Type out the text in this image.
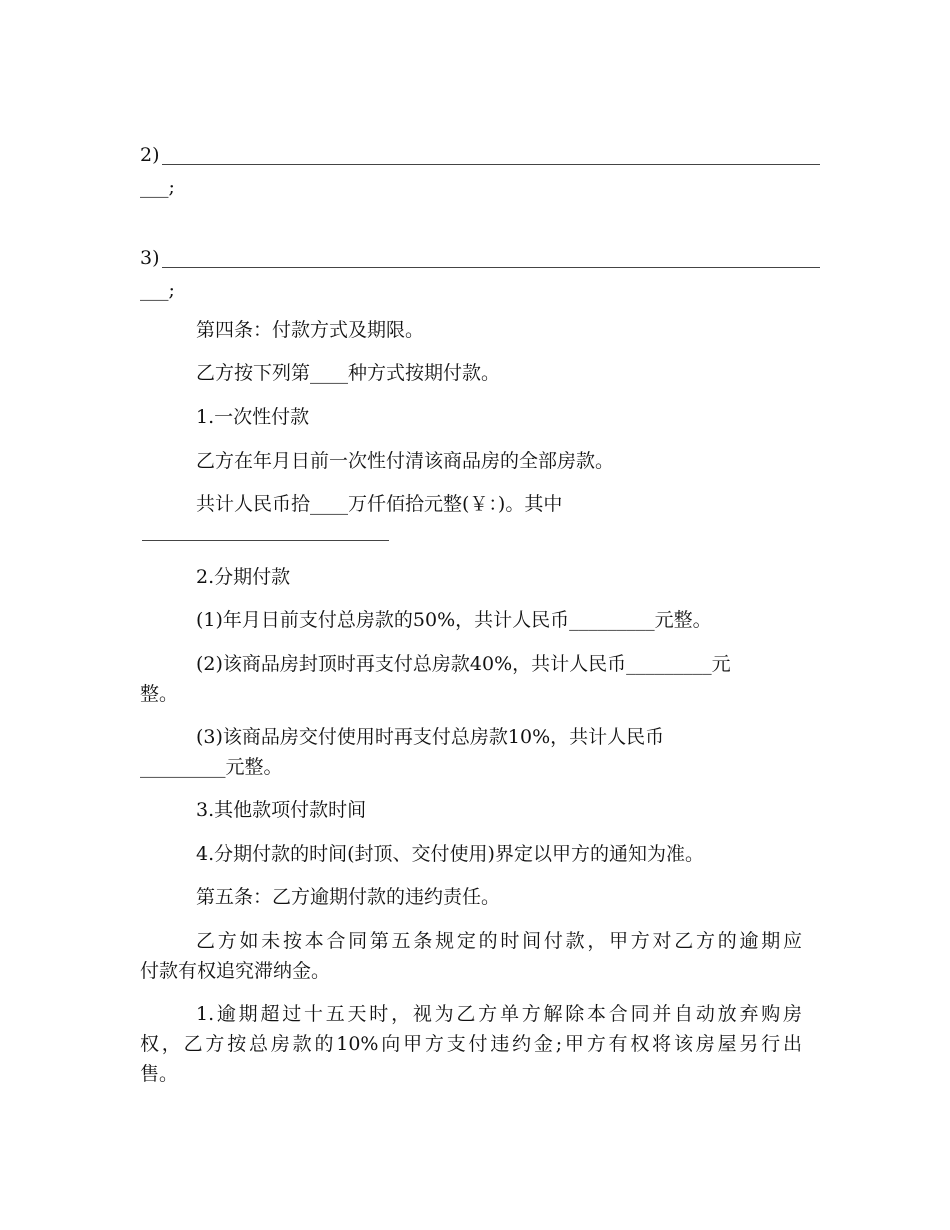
2)
___;
3)
___;
第四条：付款方式及期限。
乙方按下列第____种方式按期付款。
1.一次性付款
乙方在年月日前一次性付清该商品房的全部房款。
共计人民币拾____万仟佰拾元整(￥：)。其中
2.分期付款
(1)年月日前支付总房款的50%，共计人民币_________元整。
(2)该商品房封顶时再支付总房款40%，共计人民币_________元
整。
(3)该商品房交付使用时再支付总房款10%，共计人民币
_________元整。
3.其他款项付款时间
4.分期付款的时间(封顶、交付使用)界定以甲方的通知为准。
第五条：乙方逾期付款的违约责任。
乙方如未按本合同第五条规定的时间付款，甲方对乙方的逾期应
付款有权追究滞纳金。
1.逾期超过十五天时，视为乙方单方解除本合同并自动放弃购房
权，乙方按总房款的10%向甲方支付违约金;甲方有权将该房屋另行出
售。
